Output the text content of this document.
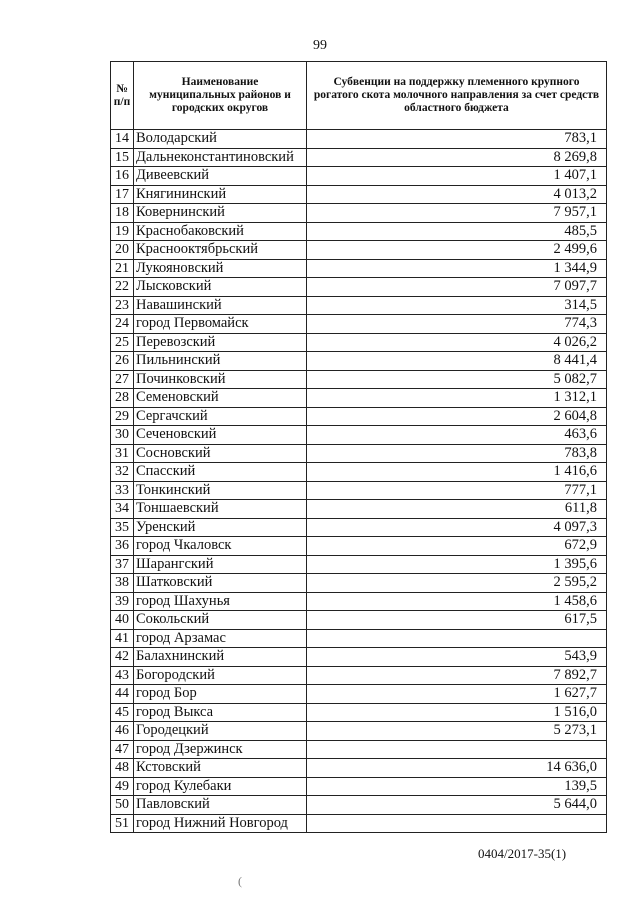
99
№ п/п	Наименование муниципальных районов и городских округов	Субвенции на поддержку племенного крупного рогатого скота молочного направления за счет средств областного бюджета

14	Володарский	783,1
15	Дальнеконстантиновский	8 269,8
16	Дивеевский	1 407,1
17	Княгининский	4 013,2
18	Ковернинский	7 957,1
19	Краснобаковский	485,5
20	Краснооктябрьский	2 499,6
21	Лукояновский	1 344,9
22	Лысковский	7 097,7
23	Навашинский	314,5
24	город Первомайск	774,3
25	Перевозский	4 026,2
26	Пильнинский	8 441,4
27	Починковский	5 082,7
28	Семеновский	1 312,1
29	Сергачский	2 604,8
30	Сеченовский	463,6
31	Сосновский	783,8
32	Спасский	1 416,6
33	Тонкинский	777,1
34	Тоншаевский	611,8
35	Уренский	4 097,3
36	город Чкаловск	672,9
37	Шарангский	1 395,6
38	Шатковский	2 595,2
39	город Шахунья	1 458,6
40	Сокольский	617,5
41	город Арзамас	
42	Балахнинский	543,9
43	Богородский	7 892,7
44	город Бор	1 627,7
45	город Выкса	1 516,0
46	Городецкий	5 273,1
47	город Дзержинск	
48	Кстовский	14 636,0
49	город Кулебаки	139,5
50	Павловский	5 644,0
51	город Нижний Новгород	
0404/2017-35(1)
(
